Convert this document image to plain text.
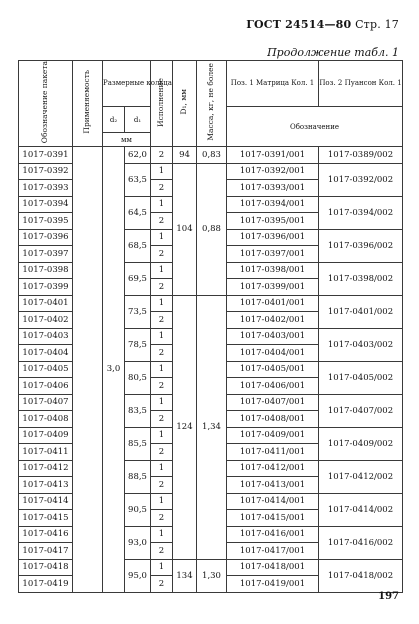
ГОСТ 24514—80 Стр. 17
Продолжение табл. 1
Обозначение пакета	Применяемость	Размерные кольца		Исполнение	D₁, мм	Масса, кг, не более	Поз. 1 Матрица Кол. 1	Поз. 2 Пуансон Кол. 1
		d₂	d₁				Обозначение	
		мм						
1017-0391		3,0	62,0	2	94	0,83	1017-0391/001	1017-0389/002
1017-0392			63,5	1	104	0,88	1017-0392/001	1017-0392/002
1017-0393				2			1017-0393/001	
1017-0394			64,5	1			1017-0394/001	1017-0394/002
1017-0395				2			1017-0395/001	
1017-0396			68,5	1			1017-0396/001	1017-0396/002
1017-0397				2			1017-0397/001	
1017-0398			69,5	1			1017-0398/001	1017-0398/002
1017-0399				2			1017-0399/001	
1017-0401			73,5	1	124	1,34	1017-0401/001	1017-0401/002
1017-0402				2			1017-0402/001	
1017-0403			78,5	1			1017-0403/001	1017-0403/002
1017-0404				2			1017-0404/001	
1017-0405			80,5	1			1017-0405/001	1017-0405/002
1017-0406				2			1017-0406/001	
1017-0407			83,5	1			1017-0407/001	1017-0407/002
1017-0408				2			1017-0408/001	
1017-0409			85,5	1			1017-0409/001	1017-0409/002
1017-0411				2			1017-0411/001	
1017-0412			88,5	1			1017-0412/001	1017-0412/002
1017-0413				2			1017-0413/001	
1017-0414			90,5	1			1017-0414/001	1017-0414/002
1017-0415				2			1017-0415/001	
1017-0416			93,0	1			1017-0416/001	1017-0416/002
1017-0417				2			1017-0417/001	
1017-0418			95,0	1	134	1,30	1017-0418/001	1017-0418/002
1017-0419				2			1017-0419/001	
197
